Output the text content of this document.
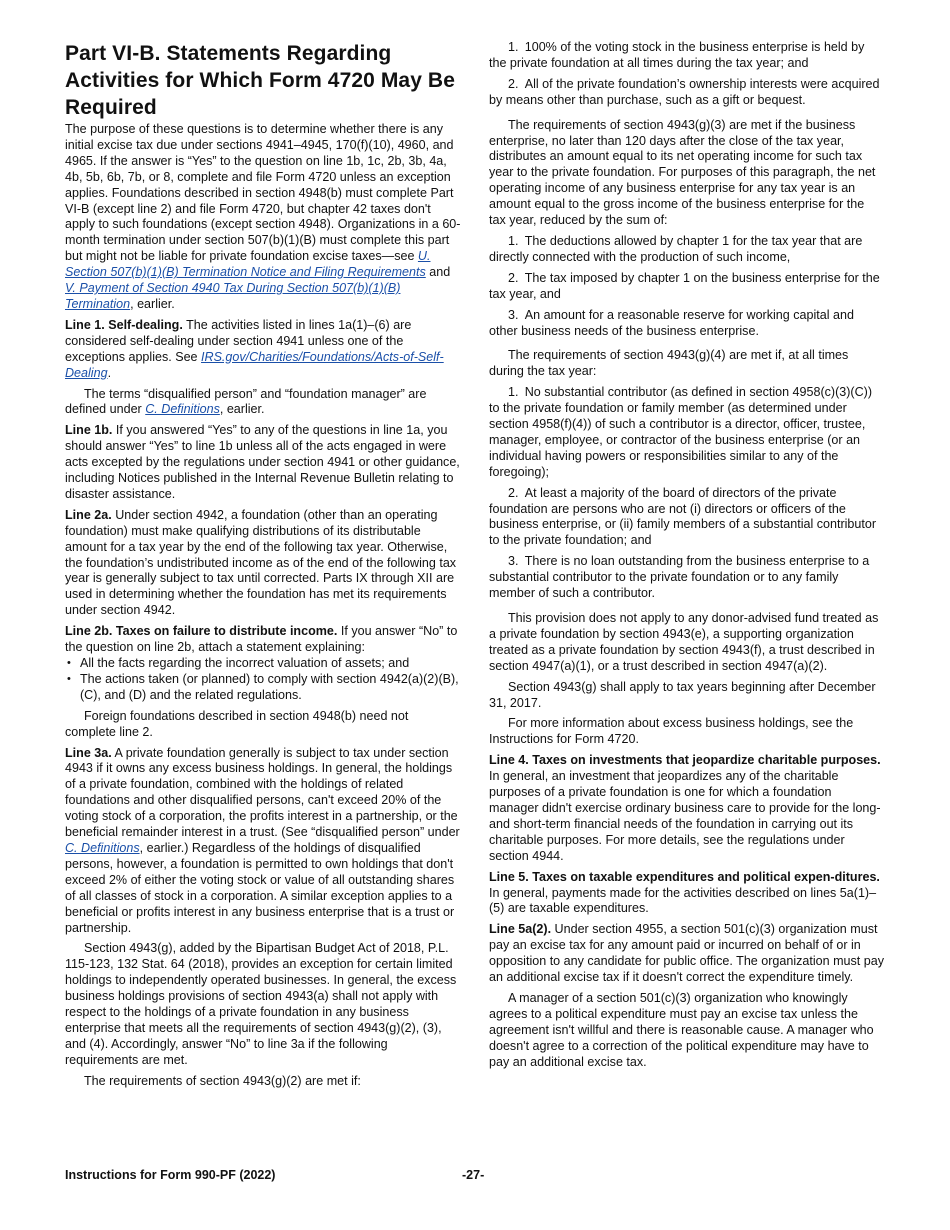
Part VI-B. Statements Regarding Activities for Which Form 4720 May Be Required

The purpose of these questions is to determine whether there is any initial excise tax due under sections 4941–4945, 170(f)(10), 4960, and 4965. If the answer is “Yes” to the question on line 1b, 1c, 2b, 3b, 4a, 4b, 5b, 6b, 7b, or 8, complete and file Form 4720 unless an exception applies. Foundations described in section 4948(b) must complete Part VI-B (except line 2) and file Form 4720, but chapter 42 taxes don't apply to such foundations (except section 4948). Organizations in a 60-month termination under section 507(b)(1)(B) must complete this part but might not be liable for private foundation excise taxes—see U. Section 507(b)(1)(B) Termination Notice and Filing Requirements and V. Payment of Section 4940 Tax During Section 507(b)(1)(B) Termination, earlier.

Line 1. Self-dealing. The activities listed in lines 1a(1)–(6) are considered self-dealing under section 4941 unless one of the exceptions applies. See IRS.gov/Charities/Foundations/Acts-of-Self-Dealing.

The terms “disqualified person” and “foundation manager” are defined under C. Definitions, earlier.

Line 1b. If you answered “Yes” to any of the questions in line 1a, you should answer “Yes” to line 1b unless all of the acts engaged in were acts excepted by the regulations under section 4941 or other guidance, including Notices published in the Internal Revenue Bulletin relating to disaster assistance.

Line 2a. Under section 4942, a foundation (other than an operating foundation) must make qualifying distributions of its distributable amount for a tax year by the end of the following tax year. Otherwise, the foundation’s undistributed income as of the end of the following tax year is generally subject to tax until corrected. Parts IX through XII are used in determining whether the foundation has met its requirements under section 4942.

Line 2b. Taxes on failure to distribute income. If you answer “No” to the question on line 2b, attach a statement explaining:

• All the facts regarding the incorrect valuation of assets; and
• The actions taken (or planned) to comply with section 4942(a)(2)(B), (C), and (D) and the related regulations.

Foreign foundations described in section 4948(b) need not complete line 2.

Line 3a. A private foundation generally is subject to tax under section 4943 if it owns any excess business holdings. In general, the holdings of a private foundation, combined with the holdings of related foundations and other disqualified persons, can't exceed 20% of the voting stock of a corporation, the profits interest in a partnership, or the beneficial remainder interest in a trust. (See “disqualified person” under C. Definitions, earlier.) Regardless of the holdings of disqualified persons, however, a foundation is permitted to own holdings that don't exceed 2% of either the voting stock or value of all outstanding shares of all classes of stock in a corporation. A similar exception applies to a beneficial or profits interest in any business enterprise that is a trust or partnership.

Section 4943(g), added by the Bipartisan Budget Act of 2018, P.L. 115-123, 132 Stat. 64 (2018), provides an exception for certain limited holdings to independently operated businesses. In general, the excess business holdings provisions of section 4943(a) shall not apply with respect to the holdings of a private foundation in any business enterprise that meets all the requirements of section 4943(g)(2), (3), and (4). Accordingly, answer “No” to line 3a if the following requirements are met.

The requirements of section 4943(g)(2) are met if:

1. 100% of the voting stock in the business enterprise is held by the private foundation at all times during the tax year; and

2. All of the private foundation’s ownership interests were acquired by means other than purchase, such as a gift or bequest.

The requirements of section 4943(g)(3) are met if the business enterprise, no later than 120 days after the close of the tax year, distributes an amount equal to its net operating income for such tax year to the private foundation. For purposes of this paragraph, the net operating income of any business enterprise for any tax year is an amount equal to the gross income of the business enterprise for the tax year, reduced by the sum of:

1. The deductions allowed by chapter 1 for the tax year that are directly connected with the production of such income,

2. The tax imposed by chapter 1 on the business enterprise for the tax year, and

3. An amount for a reasonable reserve for working capital and other business needs of the business enterprise.

The requirements of section 4943(g)(4) are met if, at all times during the tax year:

1. No substantial contributor (as defined in section 4958(c)(3)(C)) to the private foundation or family member (as determined under section 4958(f)(4)) of such a contributor is a director, officer, trustee, manager, employee, or contractor of the business enterprise (or an individual having powers or responsibilities similar to any of the foregoing);

2. At least a majority of the board of directors of the private foundation are persons who are not (i) directors or officers of the business enterprise, or (ii) family members of a substantial contributor to the private foundation; and

3. There is no loan outstanding from the business enterprise to a substantial contributor to the private foundation or to any family member of such a contributor.

This provision does not apply to any donor-advised fund treated as a private foundation by section 4943(e), a supporting organization treated as a private foundation by section 4943(f), a trust described in section 4947(a)(1), or a trust described in section 4947(a)(2).

Section 4943(g) shall apply to tax years beginning after December 31, 2017.

For more information about excess business holdings, see the Instructions for Form 4720.

Line 4. Taxes on investments that jeopardize charitable purposes. In general, an investment that jeopardizes any of the charitable purposes of a private foundation is one for which a foundation manager didn't exercise ordinary business care to provide for the long- and short-term financial needs of the foundation in carrying out its charitable purposes. For more details, see the regulations under section 4944.

Line 5. Taxes on taxable expenditures and political expen-ditures. In general, payments made for the activities described on lines 5a(1)–(5) are taxable expenditures.

Line 5a(2). Under section 4955, a section 501(c)(3) organization must pay an excise tax for any amount paid or incurred on behalf of or in opposition to any candidate for public office. The organization must pay an additional excise tax if it doesn't correct the expenditure timely.

A manager of a section 501(c)(3) organization who knowingly agrees to a political expenditure must pay an excise tax unless the agreement isn't willful and there is reasonable cause. A manager who doesn't agree to a correction of the political expenditure may have to pay an additional excise tax.

Instructions for Form 990-PF (2022)	-27-
